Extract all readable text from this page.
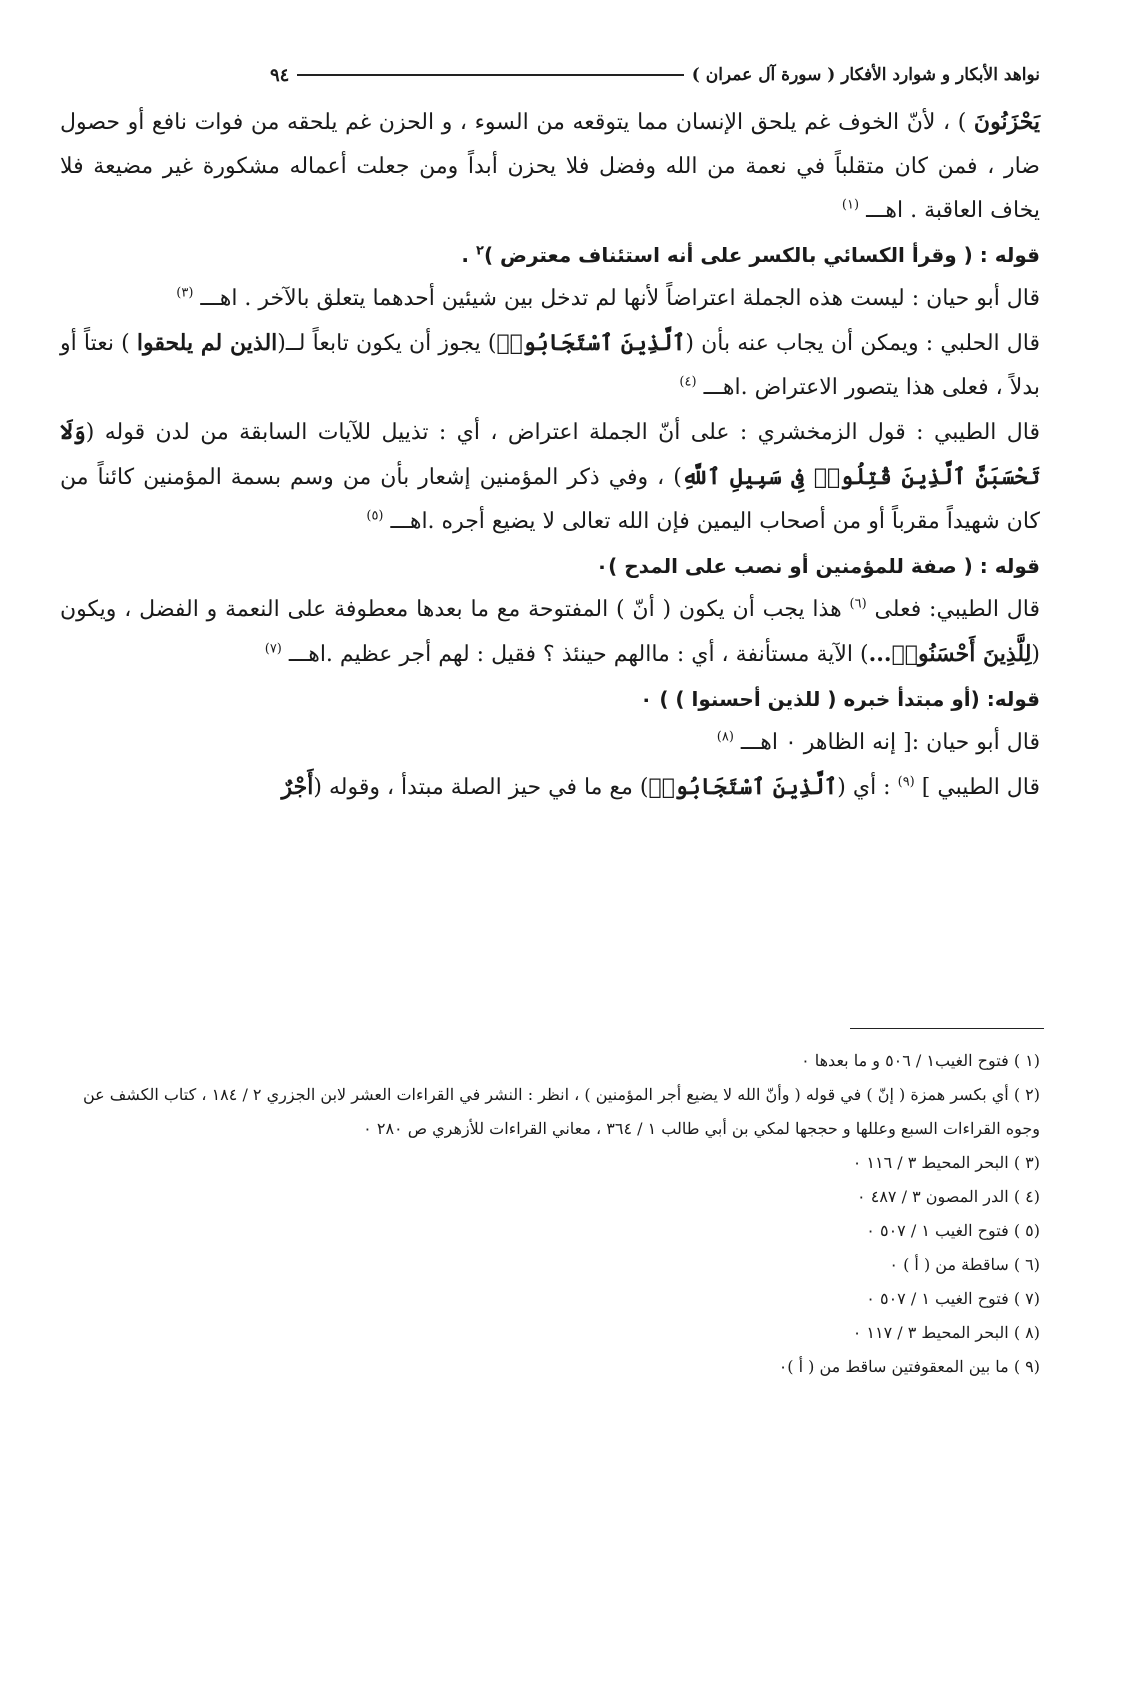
نواهد الأبكار و شوارد الأفكار ( سورة آل عمران )
٩٤

يَحْزَنُونَ ) ، لأنّ الخوف غم يلحق الإنسان مما يتوقعه من السوء ، و الحزن غم يلحقه من فوات نافع أو حصول ضار ، فمن كان متقلباً في نعمة من الله وفضل فلا يحزن أبداً ومن جعلت أعماله مشكورة غير مضيعة فلا يخاف العاقبة . اهـــ $^{(١)}$

قوله : ( وقرأ الكسائي بالكسر على أنه استئناف معترض )$^٢$ .

قال أبو حيان : ليست هذه الجملة اعتراضاً لأنها لم تدخل بين شيئين أحدهما يتعلق بالآخر . اهـــ $^{(٣)}$

قال الحلبي : ويمكن أن يجاب عنه بأن (ٱلَّذِينَ ٱسْتَجَابُوا۟) يجوز أن يكون تابعاً لــ(الذين لم يلحقوا ) نعتاً أو بدلاً ، فعلى هذا يتصور الاعتراض .اهـــ $^{(٤)}$

قال الطيبي : قول الزمخشري : على أنّ الجملة اعتراض ، أي : تذييل للآيات السابقة من لدن قوله (وَلَا تَحْسَبَنَّ ٱلَّذِينَ قُتِلُوا۟ فِى سَبِيلِ ٱللَّهِ) ، وفي ذكر المؤمنين إشعار بأن من وسم بسمة المؤمنين كائناً من كان شهيداً مقرباً أو من أصحاب اليمين فإن الله تعالى لا يضيع أجره .اهـــ $^{(٥)}$

قوله : ( صفة للمؤمنين أو نصب على المدح )٠

قال الطيبي: فعلى $^{(٦)}$ هذا يجب أن يكون ( أنّ ) المفتوحة مع ما بعدها معطوفة على النعمة و الفضل ، ويكون (لِلَّذِينَ أَحْسَنُوا۟...) الآية مستأنفة ، أي : ماالهم حينئذ ؟ فقيل : لهم أجر عظيم .اهـــ $^{(٧)}$

قوله: (أو مبتدأ خبره ( للذين أحسنوا ) ) ٠

قال أبو حيان :[ إنه الظاهر ٠ اهـــ $^{(٨)}$

قال الطيبي ] $^{(٩)}$ : أي (ٱلَّذِينَ ٱسْتَجَابُوا۟) مع ما في حيز الصلة مبتدأ ، وقوله (أَجْرٌ

(١ ) فتوح الغيب١ / ٥٠٦ و ما بعدها ٠

(٢ ) أي بكسر همزة ( إنّ ) في قوله ( وأنّ الله لا يضيع أجر المؤمنين ) ، انظر : النشر في القراءات العشر لابن الجزري ٢ / ١٨٤ ، كتاب الكشف عن وجوه القراءات السبع وعللها و حججها لمكي بن أبي طالب ١ / ٣٦٤ ، معاني القراءات للأزهري ص ٢٨٠ ٠

(٣ ) البحر المحيط ٣ / ١١٦ ٠

(٤ ) الدر المصون ٣ / ٤٨٧ ٠

(٥ ) فتوح الغيب ١ / ٥٠٧ ٠

(٦ ) ساقطة من ( أ ) ٠

(٧ ) فتوح الغيب ١ / ٥٠٧ ٠

(٨ ) البحر المحيط ٣ / ١١٧ ٠

(٩ ) ما بين المعقوفتين ساقط من ( أ )٠
